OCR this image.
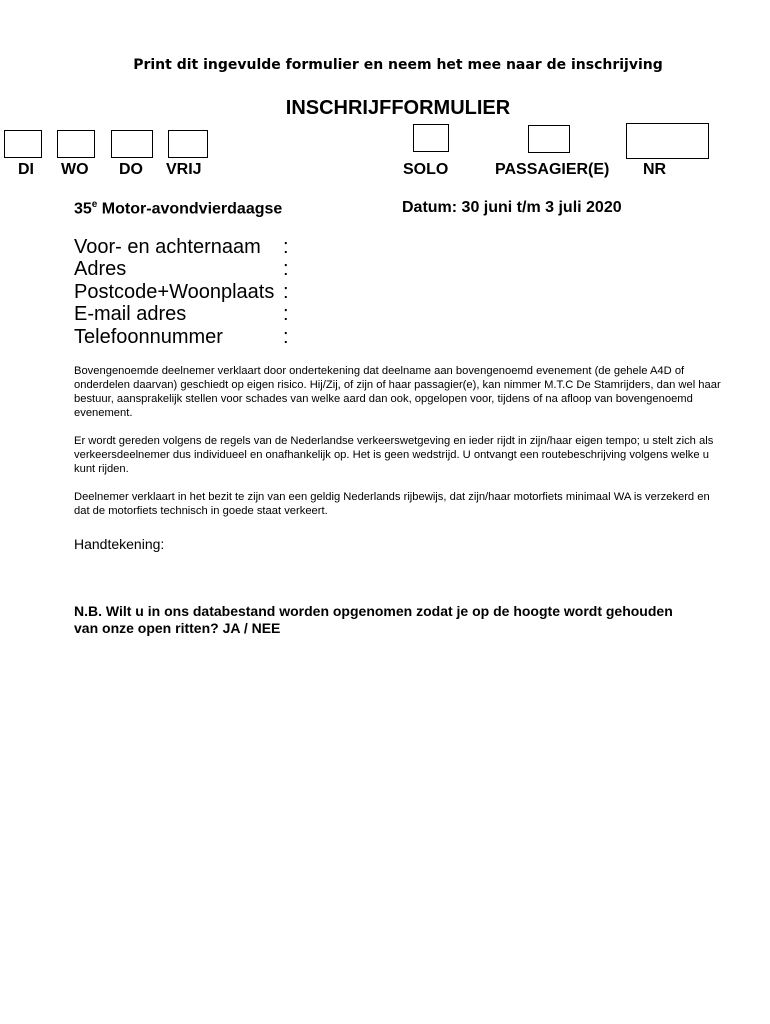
Print dit ingevulde formulier en neem het mee naar de inschrijving
INSCHRIJFFORMULIER
DI WO DO VRIJ	SOLO	PASSAGIER(E) NR
35e Motor-avondvierdaagse	Datum: 30 juni t/m 3 juli 2020
Voor- en achternaam :
Adres	:
Postcode+Woonplaats :
E-mail adres	:
Telefoonnummer	:

Bovengenoemde deelnemer verklaart door ondertekening dat deelname aan bovengenoemd evenement (de gehele A4D of onderdelen daarvan) geschiedt op eigen risico. Hij/Zij, of zijn of haar passagier(e), kan nimmer M.T.C De Stamrijders, dan wel haar bestuur, aansprakelijk stellen voor schades van welke aard dan ook, opgelopen voor, tijdens of na afloop van bovengenoemd evenement.

Er wordt gereden volgens de regels van de Nederlandse verkeerswetgeving en ieder rijdt in zijn/haar eigen tempo; u stelt zich als verkeersdeelnemer dus individueel en onafhankelijk op. Het is geen wedstrijd. U ontvangt een routebeschrijving volgens welke u kunt rijden.

Deelnemer verklaart in het bezit te zijn van een geldig Nederlands rijbewijs, dat zijn/haar motorfiets minimaal WA is verzekerd en dat de motorfiets technisch in goede staat verkeert.

Handtekening:
N.B. Wilt u in ons databestand worden opgenomen zodat je op de hoogte wordt gehouden van onze open ritten? JA / NEE
